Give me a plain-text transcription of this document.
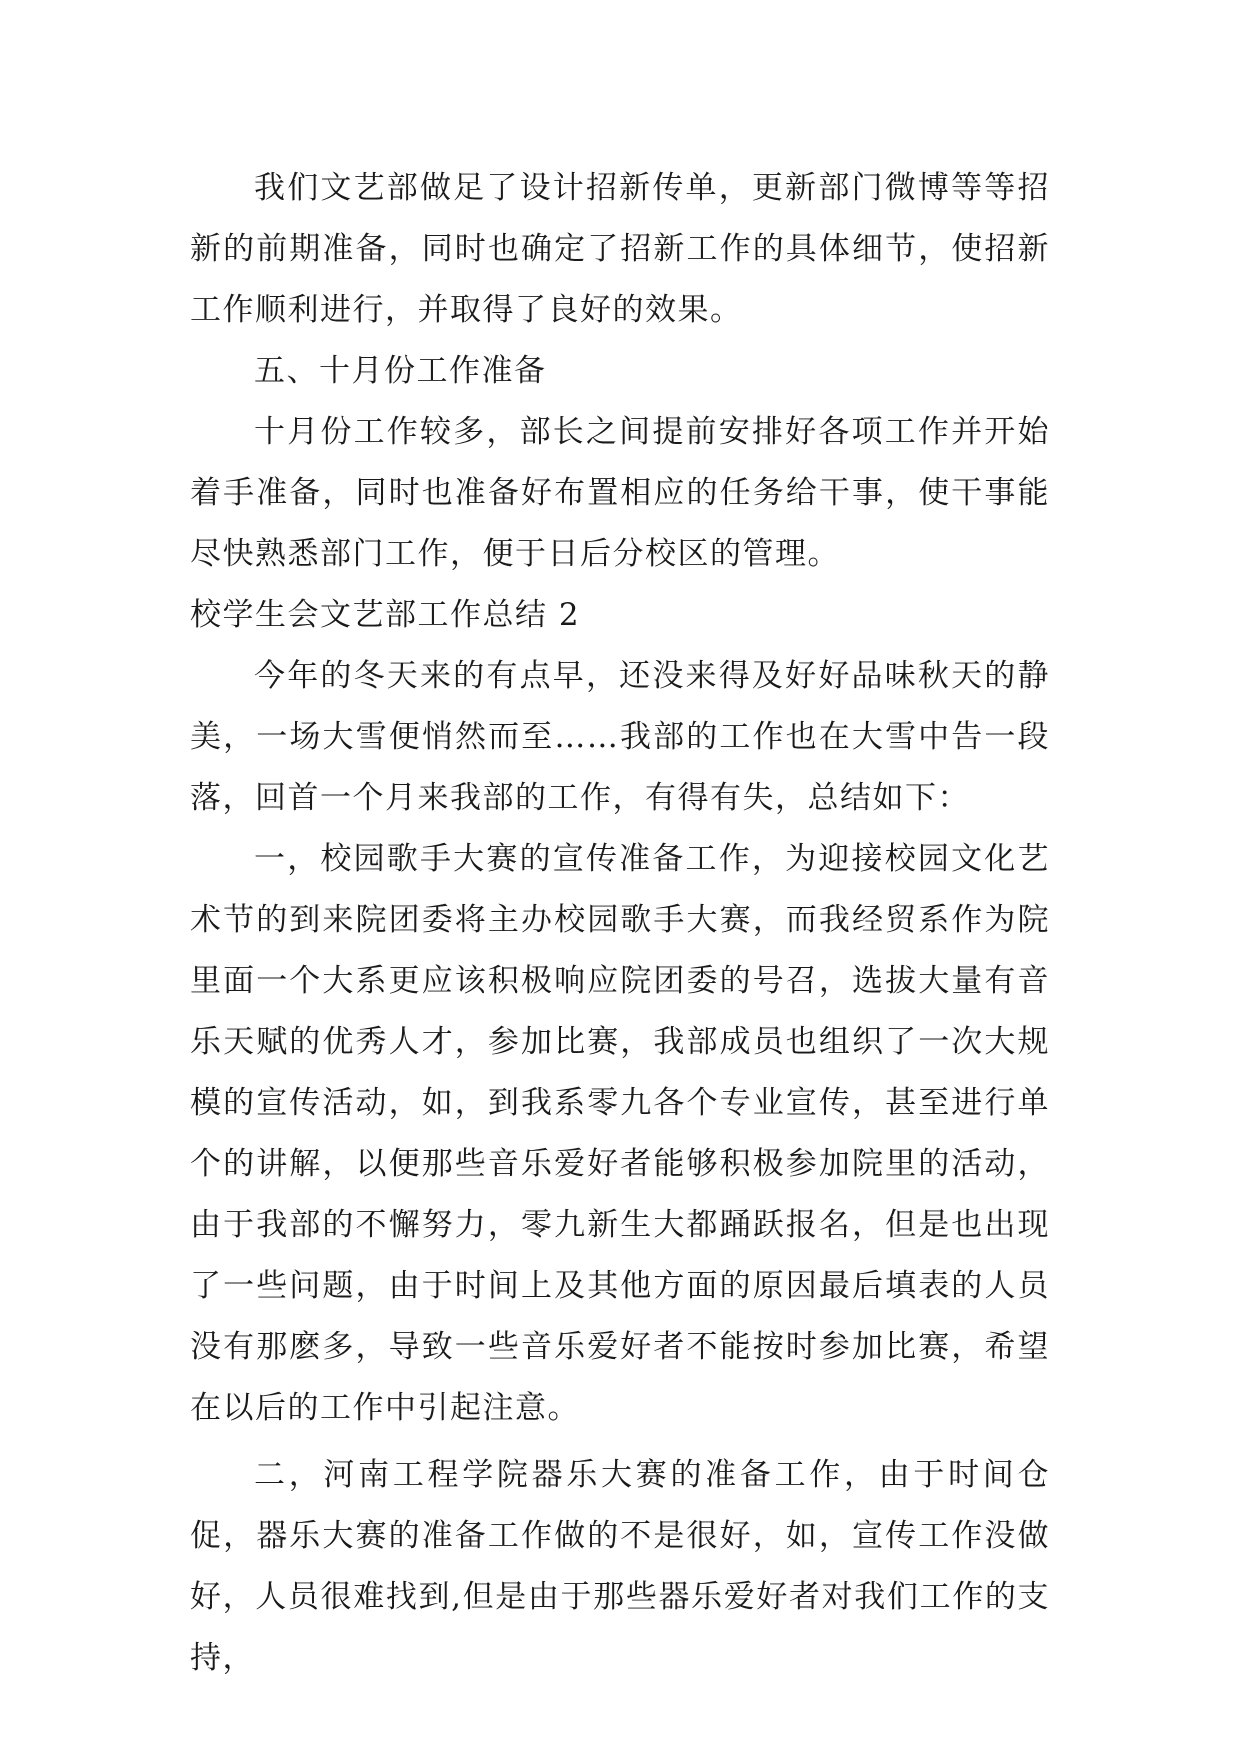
我们文艺部做足了设计招新传单，更新部门微博等等招新的前期准备，同时也确定了招新工作的具体细节，使招新工作顺利进行，并取得了良好的效果。

五、十月份工作准备

十月份工作较多，部长之间提前安排好各项工作并开始着手准备，同时也准备好布置相应的任务给干事，使干事能尽快熟悉部门工作，便于日后分校区的管理。

校学生会文艺部工作总结 2

今年的冬天来的有点早，还没来得及好好品味秋天的静美，一场大雪便悄然而至……我部的工作也在大雪中告一段落，回首一个月来我部的工作，有得有失，总结如下：

一，校园歌手大赛的宣传准备工作，为迎接校园文化艺术节的到来院团委将主办校园歌手大赛，而我经贸系作为院里面一个大系更应该积极响应院团委的号召，选拔大量有音乐天赋的优秀人才，参加比赛，我部成员也组织了一次大规模的宣传活动，如，到我系零九各个专业宣传，甚至进行单个的讲解，以便那些音乐爱好者能够积极参加院里的活动，由于我部的不懈努力，零九新生大都踊跃报名，但是也出现了一些问题，由于时间上及其他方面的原因最后填表的人员没有那麽多，导致一些音乐爱好者不能按时参加比赛，希望在以后的工作中引起注意。

二，河南工程学院器乐大赛的准备工作，由于时间仓促，器乐大赛的准备工作做的不是很好，如，宣传工作没做好，人员很难找到,但是由于那些器乐爱好者对我们工作的支持，
